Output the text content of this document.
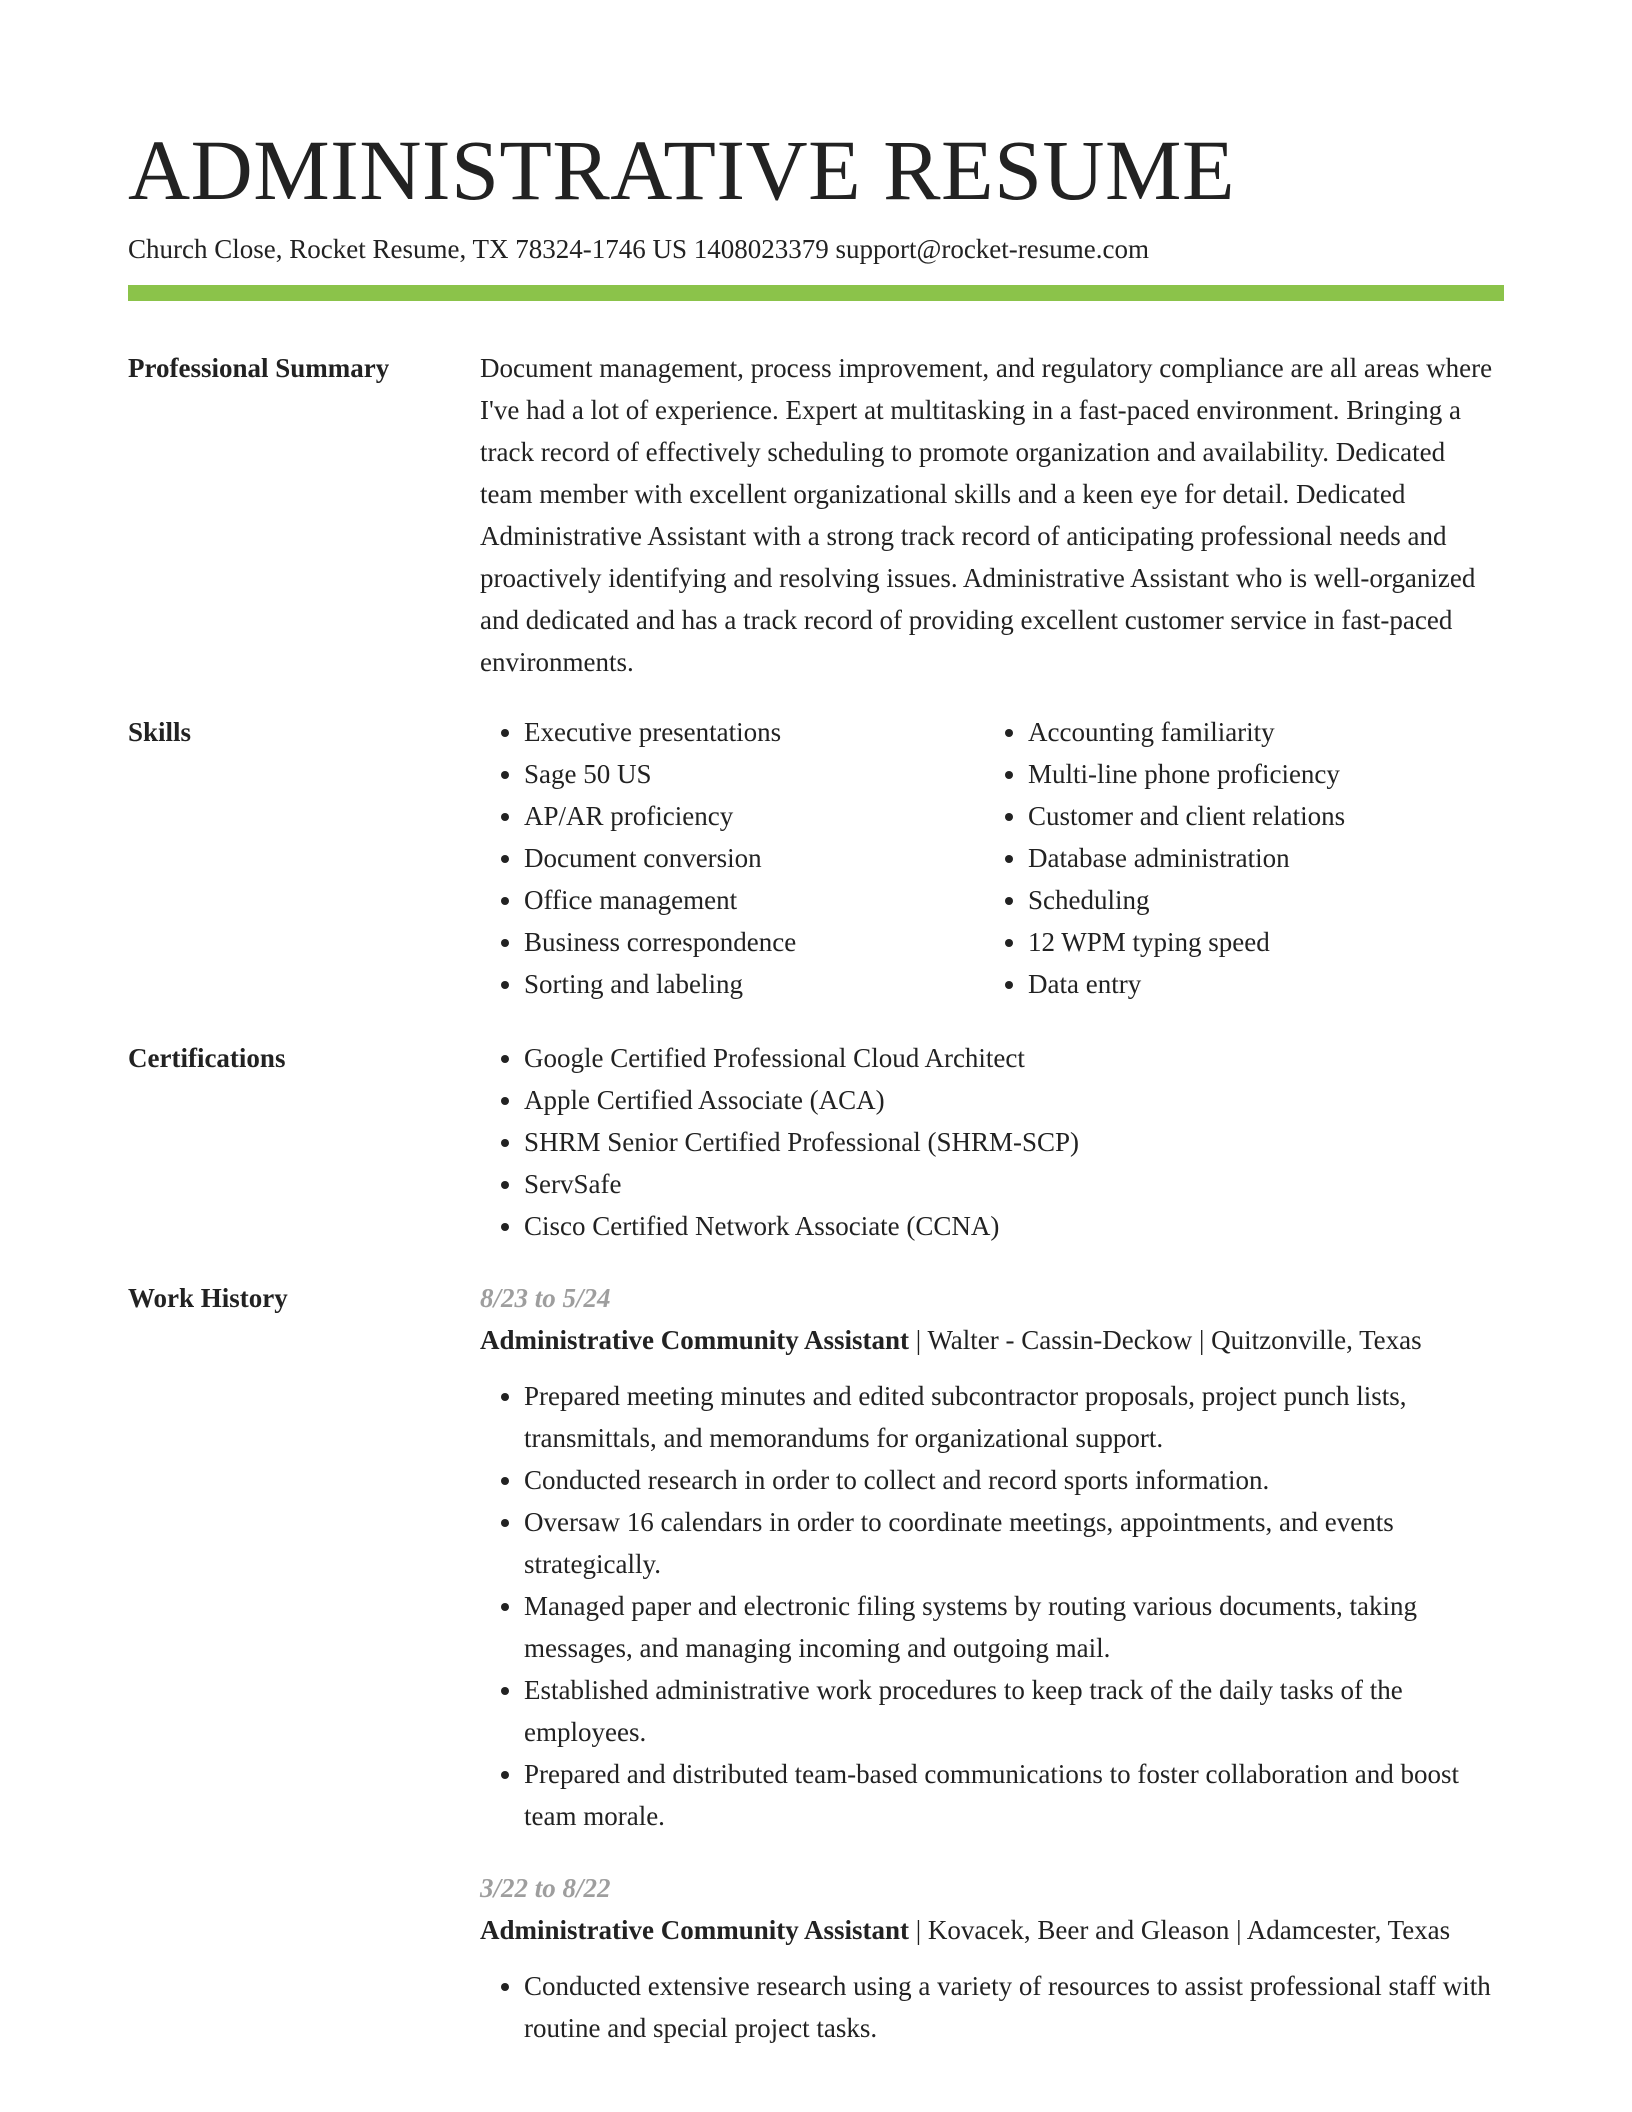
ADMINISTRATIVE RESUME
Church Close, Rocket Resume, TX 78324-1746 US 1408023379 support@rocket-resume.com
Professional Summary	Document management, process improvement, and regulatory compliance are all areas where I've had a lot of experience. Expert at multitasking in a fast-paced environment. Bringing a track record of effectively scheduling to promote organization and availability. Dedicated team member with excellent organizational skills and a keen eye for detail. Dedicated Administrative Assistant with a strong track record of anticipating professional needs and proactively identifying and resolving issues. Administrative Assistant who is well-organized and dedicated and has a track record of providing excellent customer service in fast-paced environments.

Skills	• Executive presentations
• Sage 50 US
• AP/AR proficiency
• Document conversion
• Office management
• Business correspondence
• Sorting and labeling
• Accounting familiarity
• Multi-line phone proficiency
• Customer and client relations
• Database administration
• Scheduling
• 12 WPM typing speed
• Data entry
Certifications	• Google Certified Professional Cloud Architect
• Apple Certified Associate (ACA)
• SHRM Senior Certified Professional (SHRM-SCP)
• ServSafe
• Cisco Certified Network Associate (CCNA)
Work History	8/23 to 5/24
Administrative Community Assistant | Walter - Cassin-Deckow | Quitzonville, Texas
• Prepared meeting minutes and edited subcontractor proposals, project punch lists, transmittals, and memorandums for organizational support.
• Conducted research in order to collect and record sports information.
• Oversaw 16 calendars in order to coordinate meetings, appointments, and events strategically.
• Managed paper and electronic filing systems by routing various documents, taking messages, and managing incoming and outgoing mail.
• Established administrative work procedures to keep track of the daily tasks of the employees.
• Prepared and distributed team-based communications to foster collaboration and boost team morale.
3/22 to 8/22
Administrative Community Assistant | Kovacek, Beer and Gleason | Adamcester, Texas
• Conducted extensive research using a variety of resources to assist professional staff with routine and special project tasks.
